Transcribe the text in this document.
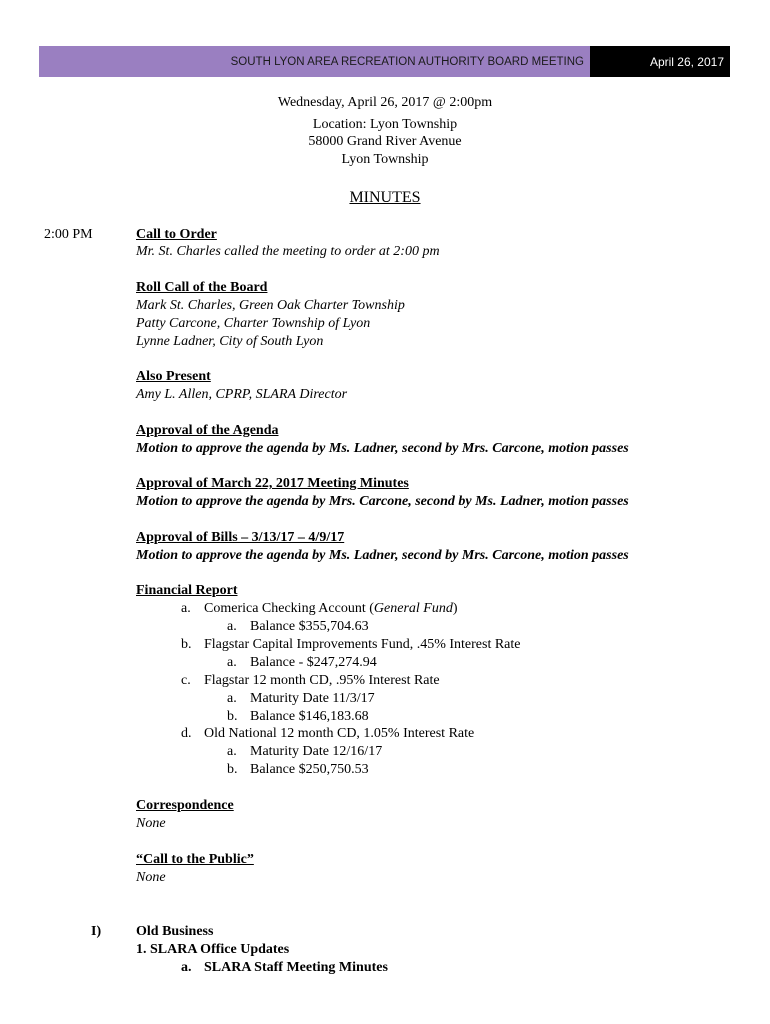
SOUTH LYON AREA RECREATION AUTHORITY BOARD MEETING	April 26, 2017
Wednesday, April 26, 2017 @ 2:00pm
Location: Lyon Township
58000 Grand River Avenue
Lyon Township
MINUTES
2:00 PM	Call to Order
Mr. St. Charles called the meeting to order at 2:00 pm
Roll Call of the Board
Mark St. Charles, Green Oak Charter Township
Patty Carcone, Charter Township of Lyon
Lynne Ladner, City of South Lyon
Also Present
Amy L. Allen, CPRP, SLARA Director
Approval of the Agenda
Motion to approve the agenda by Ms. Ladner, second by Mrs. Carcone, motion passes
Approval of March 22, 2017 Meeting Minutes
Motion to approve the agenda by Mrs. Carcone, second by Ms. Ladner, motion passes
Approval of Bills – 3/13/17 – 4/9/17
Motion to approve the agenda by Ms. Ladner, second by Mrs. Carcone, motion passes
Financial Report
a. Comerica Checking Account (General Fund)
a. Balance $355,704.63
b. Flagstar Capital Improvements Fund, .45% Interest Rate
a. Balance - $247,274.94
c. Flagstar 12 month CD, .95% Interest Rate
a. Maturity Date 11/3/17
b. Balance $146,183.68
d. Old National 12 month CD, 1.05% Interest Rate
a. Maturity Date 12/16/17
b. Balance $250,750.53
Correspondence
None
“Call to the Public”
None
I) Old Business
1. SLARA Office Updates
a. SLARA Staff Meeting Minutes
